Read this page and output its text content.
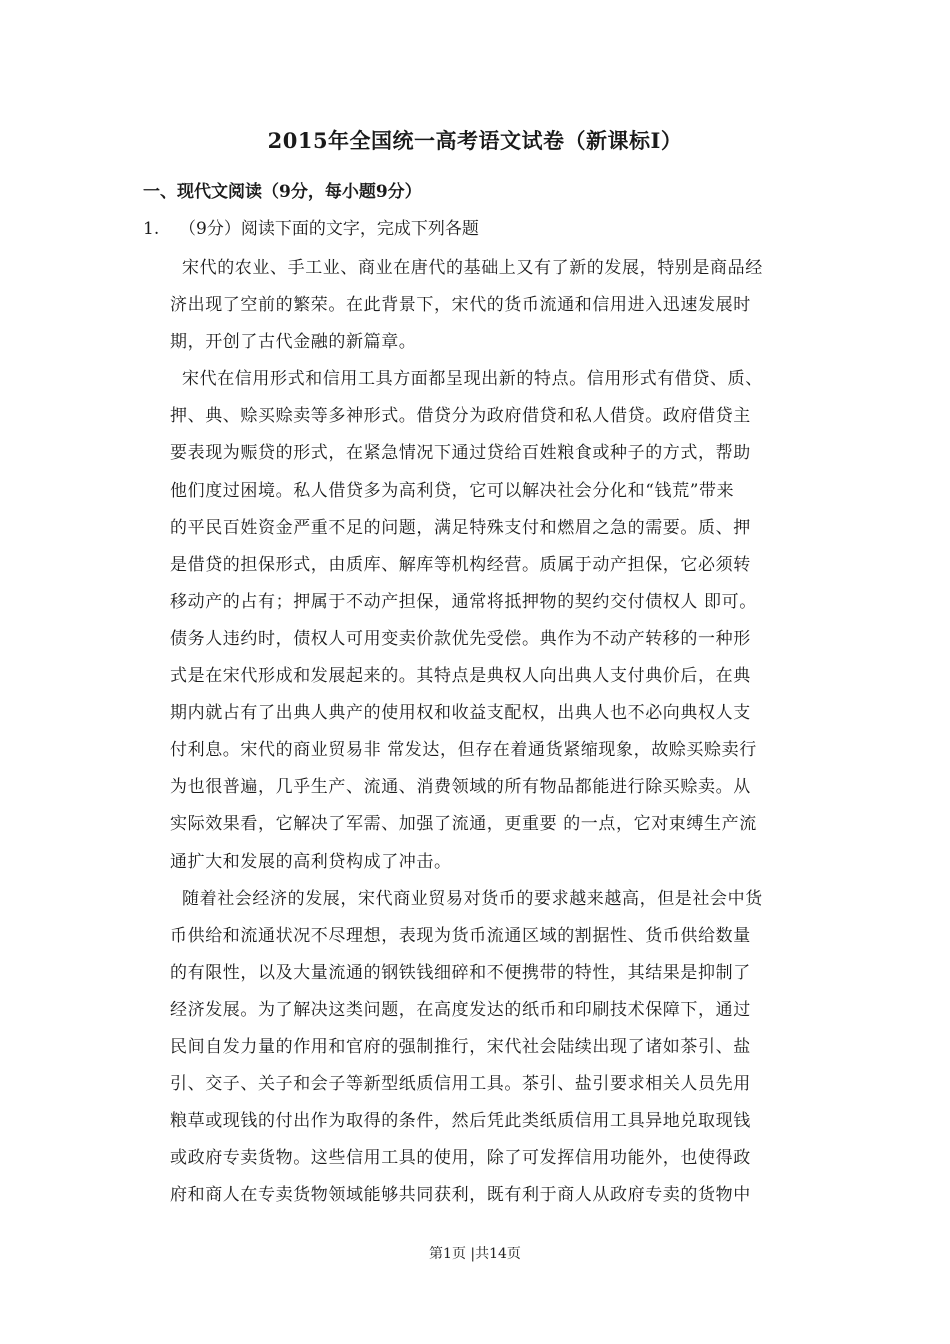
2015年全国统一高考语文试卷（新课标Ⅰ）
一、现代文阅读（9分，每小题9分）
1. （9分）阅读下面的文字，完成下列各题
宋代的农业、手工业、商业在唐代的基础上又有了新的发展，特别是商品经
济出现了空前的繁荣。在此背景下，宋代的货币流通和信用进入迅速发展时
期，开创了古代金融的新篇章。
宋代在信用形式和信用工具方面都呈现出新的特点。信用形式有借贷、质、
押、典、赊买赊卖等多神形式。借贷分为政府借贷和私人借贷。政府借贷主
要表现为赈贷的形式，在紧急情况下通过贷给百姓粮食或种子的方式，帮助
他们度过困境。私人借贷多为高利贷，它可以解决社会分化和“钱荒”带来
的平民百姓资金严重不足的问题，满足特殊支付和燃眉之急的需要。质、押
是借贷的担保形式，由质库、解库等机构经营。质属于动产担保，它必须转
移动产的占有；押属于不动产担保，通常将抵押物的契约交付债权人 即可。
债务人违约时，债权人可用变卖价款优先受偿。典作为不动产转移的一种形
式是在宋代形成和发展起来的。其特点是典权人向出典人支付典价后，在典
期内就占有了出典人典产的使用权和收益支配权，出典人也不必向典权人支
付利息。宋代的商业贸易非 常发达，但存在着通货紧缩现象，故赊买赊卖行
为也很普遍，几乎生产、流通、消费领域的所有物品都能进行除买赊卖。从
实际效果看，它解决了军需、加强了流通，更重要 的一点，它对束缚生产流
通扩大和发展的高利贷构成了冲击。
随着社会经济的发展，宋代商业贸易对货币的要求越来越高，但是社会中货
币供给和流通状况不尽理想，表现为货币流通区域的割据性、货币供给数量
的有限性，以及大量流通的钢铁钱细碎和不便携带的特性，其结果是抑制了
经济发展。为了解决这类问题，在高度发达的纸币和印刷技术保障下，通过
民间自发力量的作用和官府的强制推行，宋代社会陆续出现了诸如茶引、盐
引、交子、关子和会子等新型纸质信用工具。茶引、盐引要求相关人员先用
粮草或现钱的付出作为取得的条件，然后凭此类纸质信用工具异地兑取现钱
或政府专卖货物。这些信用工具的使用，除了可发挥信用功能外，也使得政
府和商人在专卖货物领域能够共同获利，既有利于商人从政府专卖的货物中
第1页 |共14页
